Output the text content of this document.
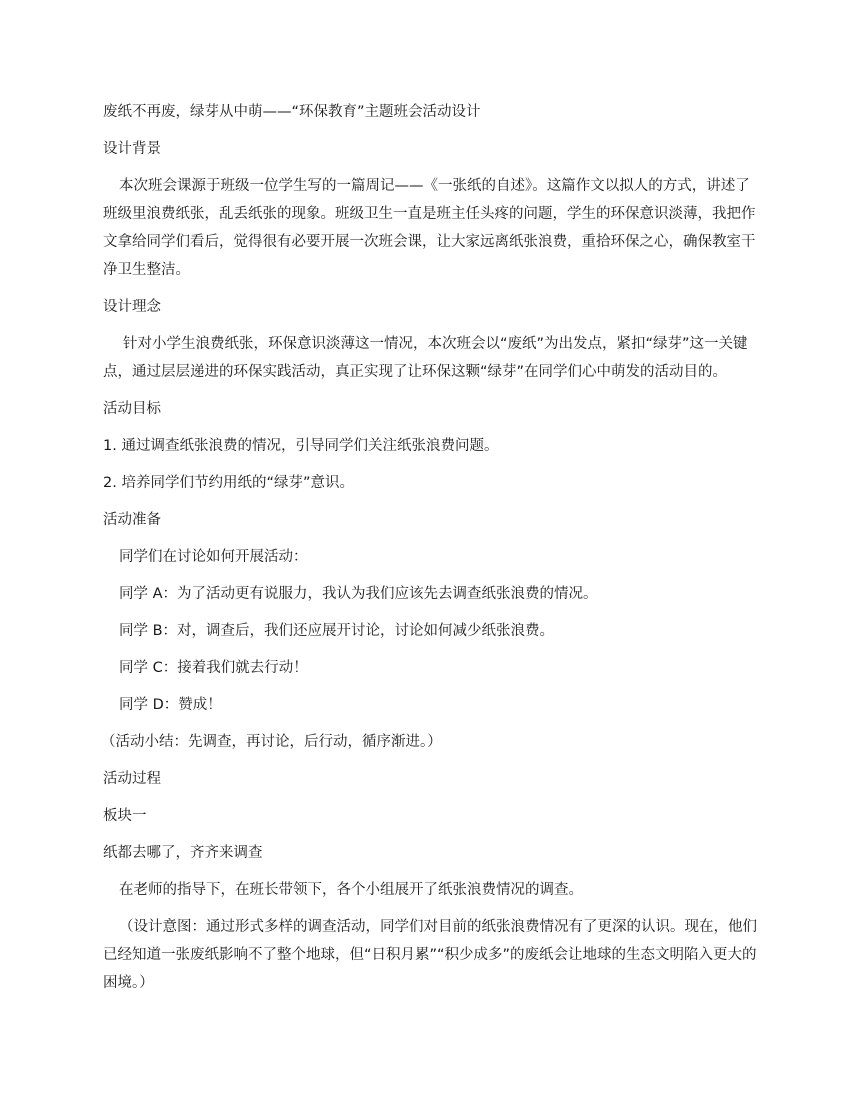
废纸不再废，绿芽从中萌——“环保教育”主题班会活动设计

设计背景

本次班会课源于班级一位学生写的一篇周记——《一张纸的自述》。这篇作文以拟人的方式，讲述了班级里浪费纸张，乱丢纸张的现象。班级卫生一直是班主任头疼的问题，学生的环保意识淡薄，我把作文拿给同学们看后，觉得很有必要开展一次班会课，让大家远离纸张浪费，重拾环保之心，确保教室干净卫生整洁。

设计理念

针对小学生浪费纸张，环保意识淡薄这一情况，本次班会以“废纸”为出发点，紧扣“绿芽”这一关键点，通过层层递进的环保实践活动，真正实现了让环保这颗“绿芽”在同学们心中萌发的活动目的。

活动目标

1. 通过调查纸张浪费的情况，引导同学们关注纸张浪费问题。

2. 培养同学们节约用纸的“绿芽”意识。

活动准备

同学们在讨论如何开展活动：

同学 A：为了活动更有说服力，我认为我们应该先去调查纸张浪费的情况。

同学 B：对，调查后，我们还应展开讨论，讨论如何减少纸张浪费。

同学 C：接着我们就去行动！

同学 D：赞成！

（活动小结：先调查，再讨论，后行动，循序渐进。）

活动过程

板块一

纸都去哪了，齐齐来调查

在老师的指导下，在班长带领下，各个小组展开了纸张浪费情况的调查。

（设计意图：通过形式多样的调查活动，同学们对目前的纸张浪费情况有了更深的认识。现在，他们已经知道一张废纸影响不了整个地球，但“日积月累”“积少成多”的废纸会让地球的生态文明陷入更大的困境。）
